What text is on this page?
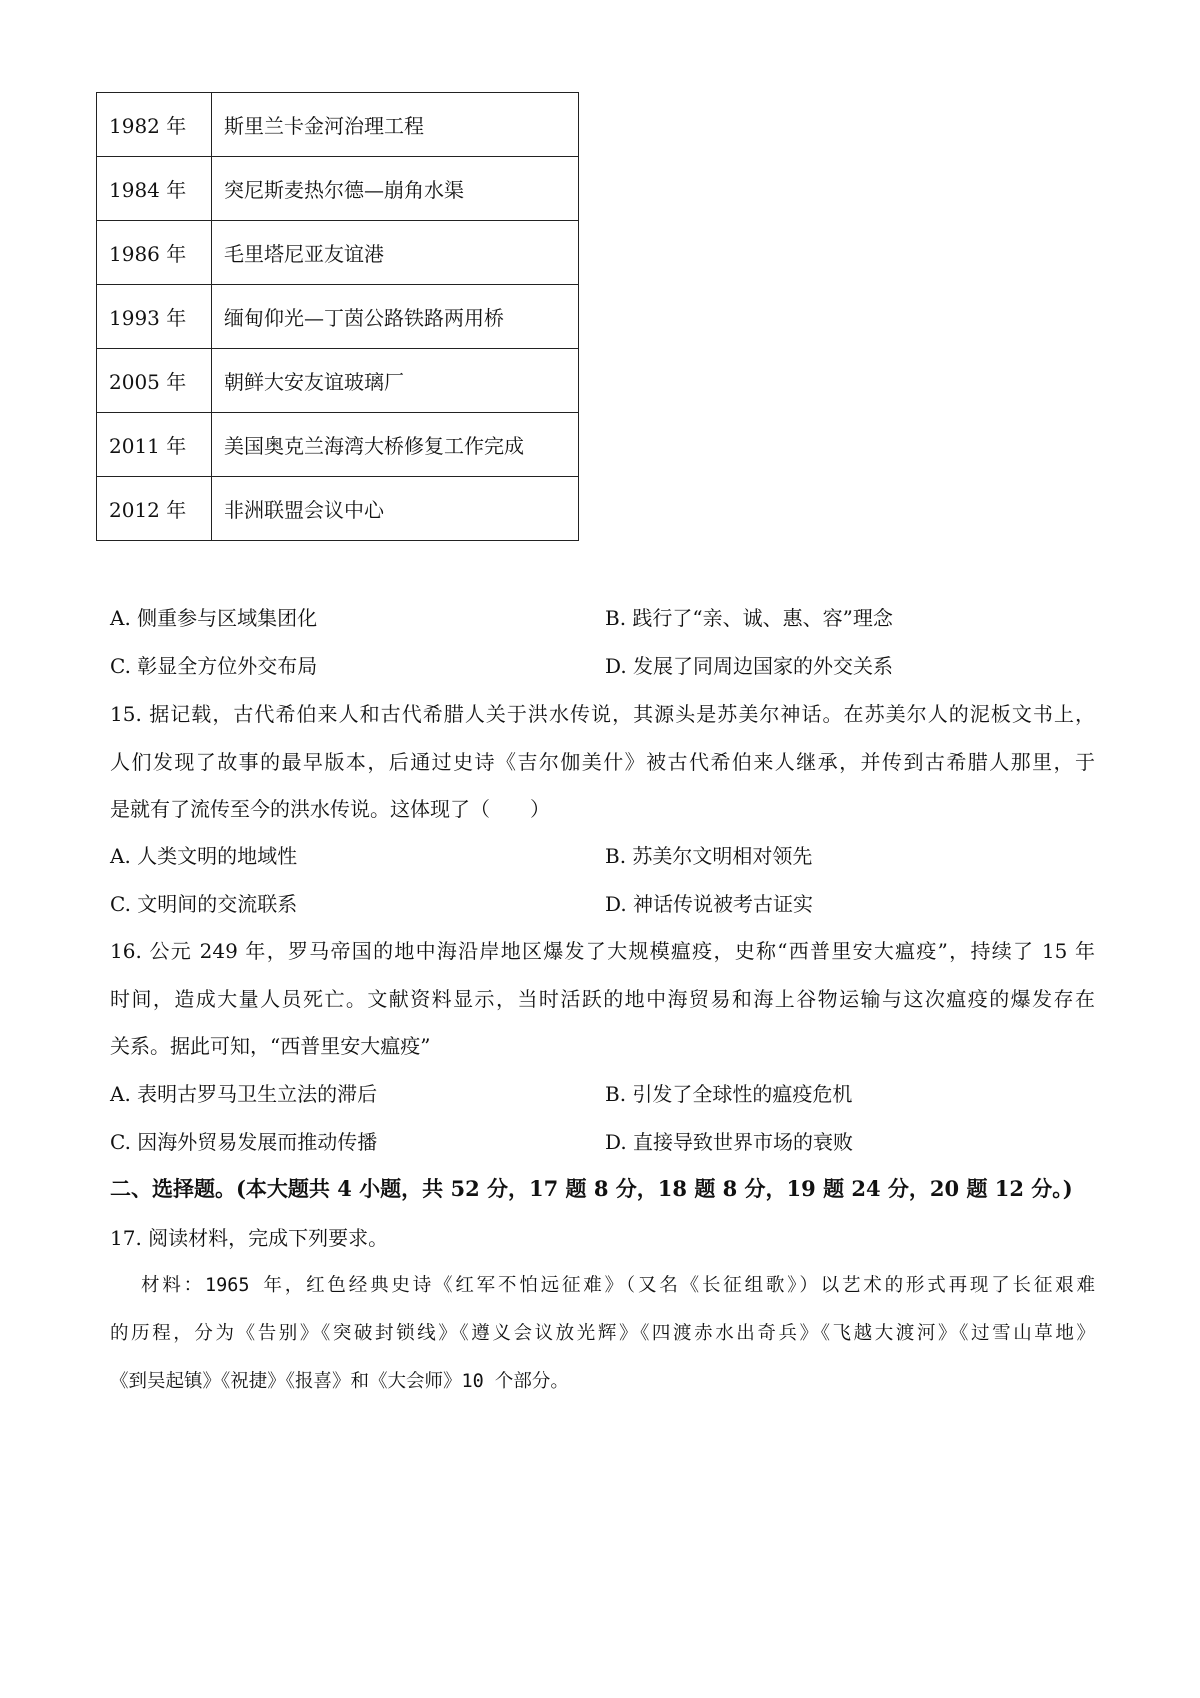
1982 年	斯里兰卡金河治理工程
1984 年	突尼斯麦热尔德—崩角水渠
1986 年	毛里塔尼亚友谊港
1993 年	缅甸仰光—丁茵公路铁路两用桥
2005 年	朝鲜大安友谊玻璃厂
2011 年	美国奥克兰海湾大桥修复工作完成
2012 年	非洲联盟会议中心
A. 侧重参与区域集团化	B. 践行了“亲、诚、惠、容”理念
C. 彰显全方位外交布局	D. 发展了同周边国家的外交关系
15. 据记载，古代希伯来人和古代希腊人关于洪水传说，其源头是苏美尔神话。在苏美尔人的泥板文书上，
人们发现了故事的最早版本，后通过史诗《吉尔伽美什》被古代希伯来人继承，并传到古希腊人那里，于
是就有了流传至今的洪水传说。这体现了（　　）
A. 人类文明的地域性	B. 苏美尔文明相对领先
C. 文明间的交流联系	D. 神话传说被考古证实
16. 公元 249 年，罗马帝国的地中海沿岸地区爆发了大规模瘟疫，史称“西普里安大瘟疫”，持续了 15 年
时间，造成大量人员死亡。文献资料显示，当时活跃的地中海贸易和海上谷物运输与这次瘟疫的爆发存在
关系。据此可知，“西普里安大瘟疫”
A. 表明古罗马卫生立法的滞后	B. 引发了全球性的瘟疫危机
C. 因海外贸易发展而推动传播	D. 直接导致世界市场的衰败
二、选择题。(本大题共 4 小题，共 52 分，17 题 8 分，18 题 8 分，19 题 24 分，20 题 12 分。)
17. 阅读材料，完成下列要求。
材料：1965 年，红色经典史诗《红军不怕远征难》（又名《长征组歌》）以艺术的形式再现了长征艰难
的历程，分为《告别》《突破封锁线》《遵义会议放光辉》《四渡赤水出奇兵》《飞越大渡河》《过雪山草地》
《到吴起镇》《祝捷》《报喜》和《大会师》10 个部分。
